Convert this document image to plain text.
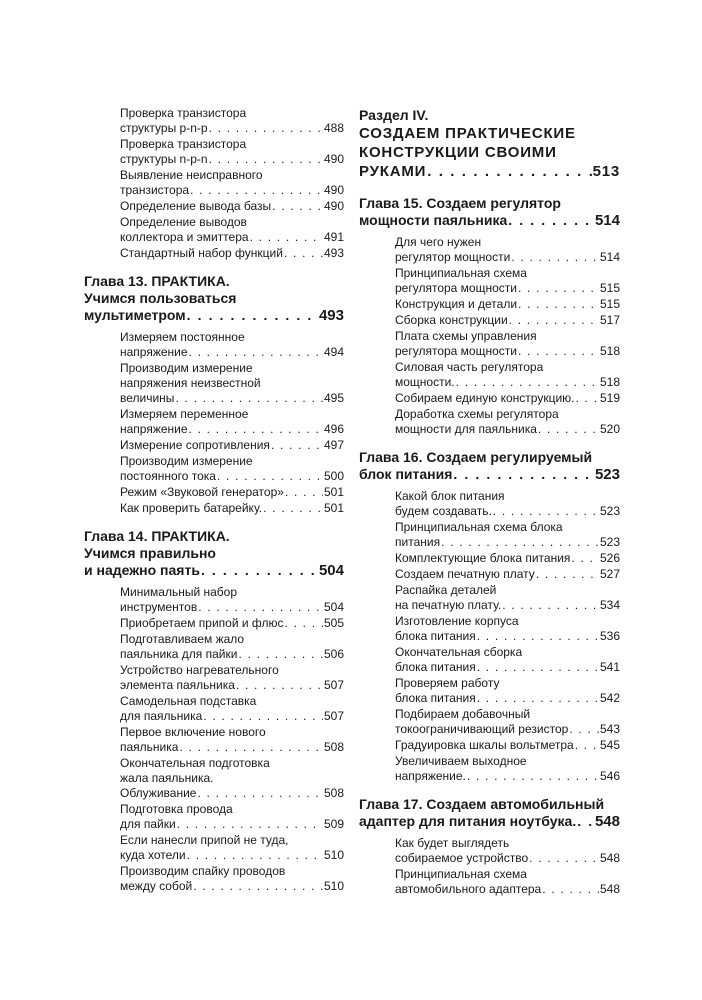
Проверка транзистора
структуры p-n-p . . .	488
Проверка транзистора
структуры n-p-n . . .	490
Выявление неисправного
транзистора . . .	490
Определение вывода базы . . .	490
Определение выводов
коллектора и эмиттера . . .	491
Стандартный набор функций . . .	493
Глава 13. ПРАКТИКА.
Учимся пользоваться
мультиметром . . .	493
Измеряем постоянное
напряжение . . .	494
Производим измерение
напряжения неизвестной
величины . . .	495
Измеряем переменное
напряжение . . .	496
Измерение сопротивления . . .	497
Производим измерение
постоянного тока . . .	500
Режим «Звуковой генератор» . . .	501
Как проверить батарейку. . . .	501
Глава 14. ПРАКТИКА.
Учимся правильно
и надежно паять . . .	504
Минимальный набор
инструментов . . .	504
Приобретаем припой и флюс . . .	505
Подготавливаем жало
паяльника для пайки . . .	506
Устройство нагревательного
элемента паяльника . . .	507
Самодельная подставка
для паяльника . . .	507
Первое включение нового
паяльника . . .	508
Окончательная подготовка
жала паяльника.
Облуживание . . .	508
Подготовка провода
для пайки . . .	509
Если нанесли припой не туда,
куда хотели . . .	510
Производим спайку проводов
между собой . . .	510
Раздел IV.
СОЗДАЕМ ПРАКТИЧЕСКИЕ
КОНСТРУКЦИИ СВОИМИ
РУКАМИ . . .	513
Глава 15. Создаем регулятор
мощности паяльника . . .	514
Для чего нужен
регулятор мощности . . .	514
Принципиальная схема
регулятора мощности . . .	515
Конструкция и детали . . .	515
Сборка конструкции . . .	517
Плата схемы управления
регулятора мощности . . .	518
Силовая часть регулятора
мощности. . . .	518
Собираем единую конструкцию. . . . 519
Доработка схемы регулятора
мощности для паяльника . . .	520
Глава 16. Создаем регулируемый
блок питания . . .	523
Какой блок питания
будем создавать. . . .	523
Принципиальная схема блока
питания . . .	523
Комплектующие блока питания . . . 526
Создаем печатную плату . . .	527
Распайка деталей
на печатную плату. . . .	534
Изготовление корпуса
блока питания . . .	536
Окончательная сборка
блока питания . . .	541
Проверяем работу
блока питания . . .	542
Подбираем добавочный
токоограничивающий резистор . . .	543
Градуировка шкалы вольтметра . . . 545
Увеличиваем выходное
напряжение. . . .	546
Глава 17. Создаем автомобильный
адаптер для питания ноутбука. . . . 548
Как будет выглядеть
собираемое устройство . . .	548
Принципиальная схема
автомобильного адаптера . . .	548
